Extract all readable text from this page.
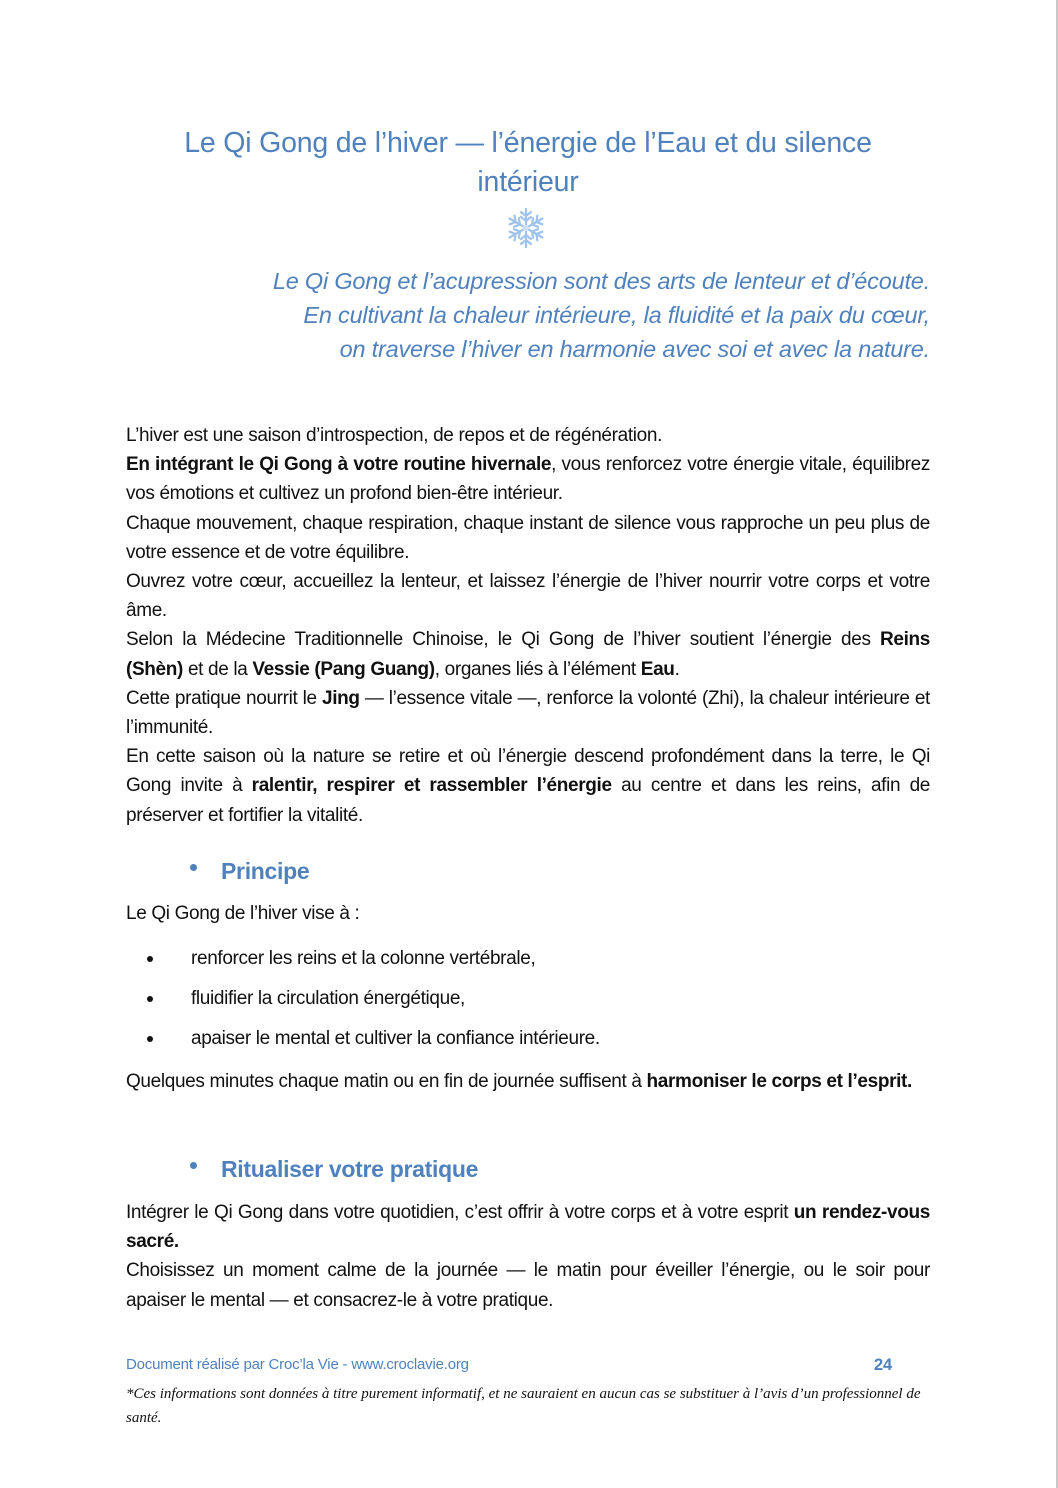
Le Qi Gong de l’hiver — l’énergie de l’Eau et du silence
intérieur
Le Qi Gong et l’acupression sont des arts de lenteur et d’écoute.
En cultivant la chaleur intérieure, la fluidité et la paix du cœur,
on traverse l’hiver en harmonie avec soi et avec la nature.

L’hiver est une saison d’introspection, de repos et de régénération.

En intégrant le Qi Gong à votre routine hivernale, vous renforcez votre énergie vitale, équilibrez vos émotions et cultivez un profond bien-être intérieur.

Chaque mouvement, chaque respiration, chaque instant de silence vous rapproche un peu plus de votre essence et de votre équilibre.

Ouvrez votre cœur, accueillez la lenteur, et laissez l’énergie de l’hiver nourrir votre corps et votre âme.

Selon la Médecine Traditionnelle Chinoise, le Qi Gong de l’hiver soutient l’énergie des Reins (Shèn) et de la Vessie (Pang Guang), organes liés à l’élément Eau.

Cette pratique nourrit le Jing — l’essence vitale —, renforce la volonté (Zhi), la chaleur intérieure et l’immunité.

En cette saison où la nature se retire et où l’énergie descend profondément dans la terre, le Qi Gong invite à ralentir, respirer et rassembler l’énergie au centre et dans les reins, afin de préserver et fortifier la vitalité.

Principe

Le Qi Gong de l’hiver vise à :

renforcer les reins et la colonne vertébrale,
fluidifier la circulation énergétique,
apaiser le mental et cultiver la confiance intérieure.

Quelques minutes chaque matin ou en fin de journée suffisent à harmoniser le corps et l’esprit.

Ritualiser votre pratique

Intégrer le Qi Gong dans votre quotidien, c’est offrir à votre corps et à votre esprit un rendez-vous sacré.

Choisissez un moment calme de la journée — le matin pour éveiller l’énergie, ou le soir pour apaiser le mental — et consacrez-le à votre pratique.

Document réalisé par Croc’la Vie - www.croclavie.org	24
*Ces informations sont données à titre purement informatif, et ne sauraient en aucun cas se substituer à l’avis d’un professionnel de santé.
